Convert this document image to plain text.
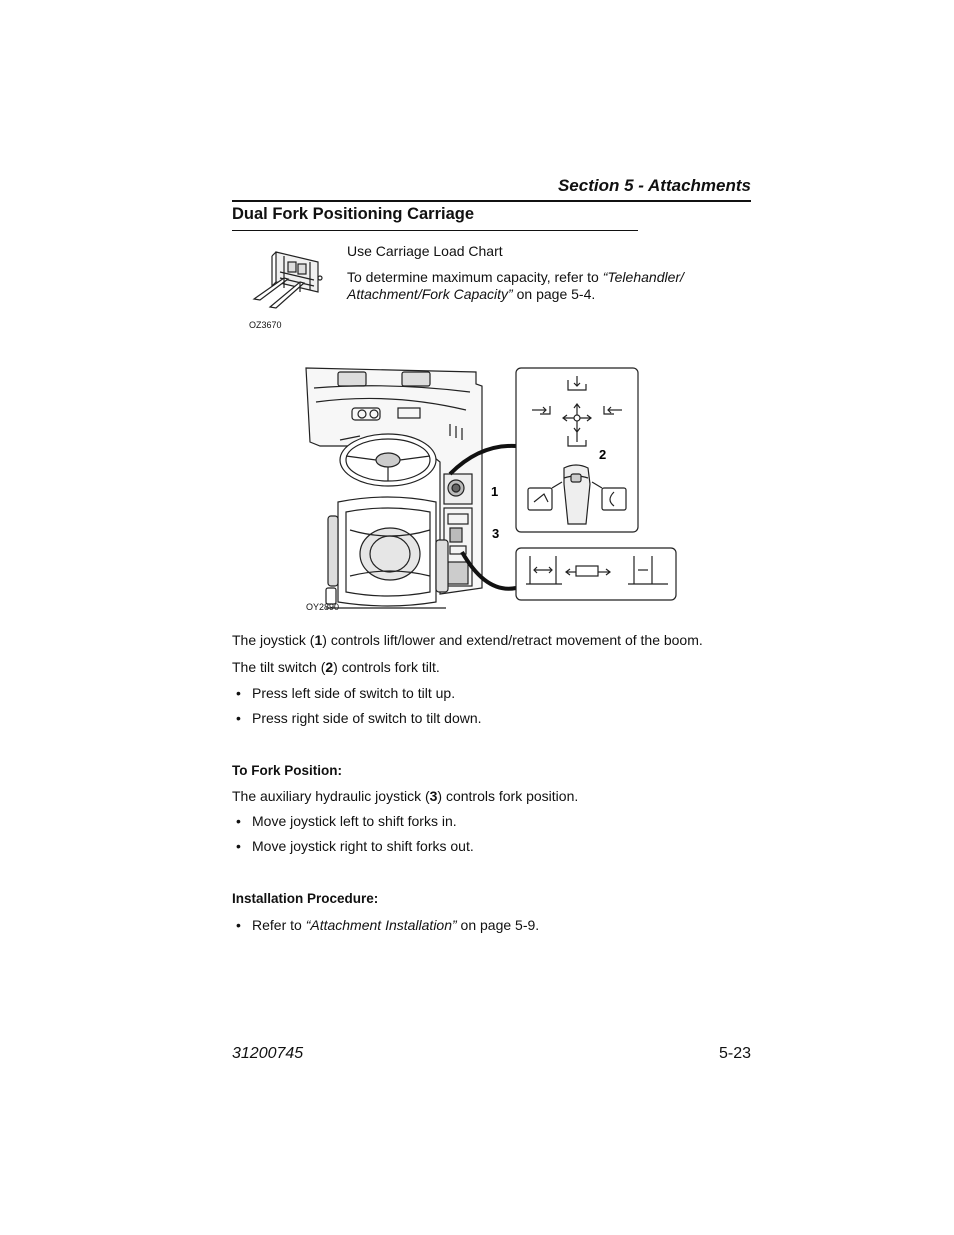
Section 5 - Attachments
Dual Fork Positioning Carriage
OZ3670
Use Carriage Load Chart
To determine maximum capacity, refer to “Telehandler/
Attachment/Fork Capacity” on page 5-4.
1
2
3
OY2890
The joystick (1) controls lift/lower and extend/retract movement of the boom.
The tilt switch (2) controls fork tilt.
• Press left side of switch to tilt up.
• Press right side of switch to tilt down.
To Fork Position:
The auxiliary hydraulic joystick (3) controls fork position.
• Move joystick left to shift forks in.
• Move joystick right to shift forks out.
Installation Procedure:
• Refer to “Attachment Installation” on page 5-9.
31200745	5-23
